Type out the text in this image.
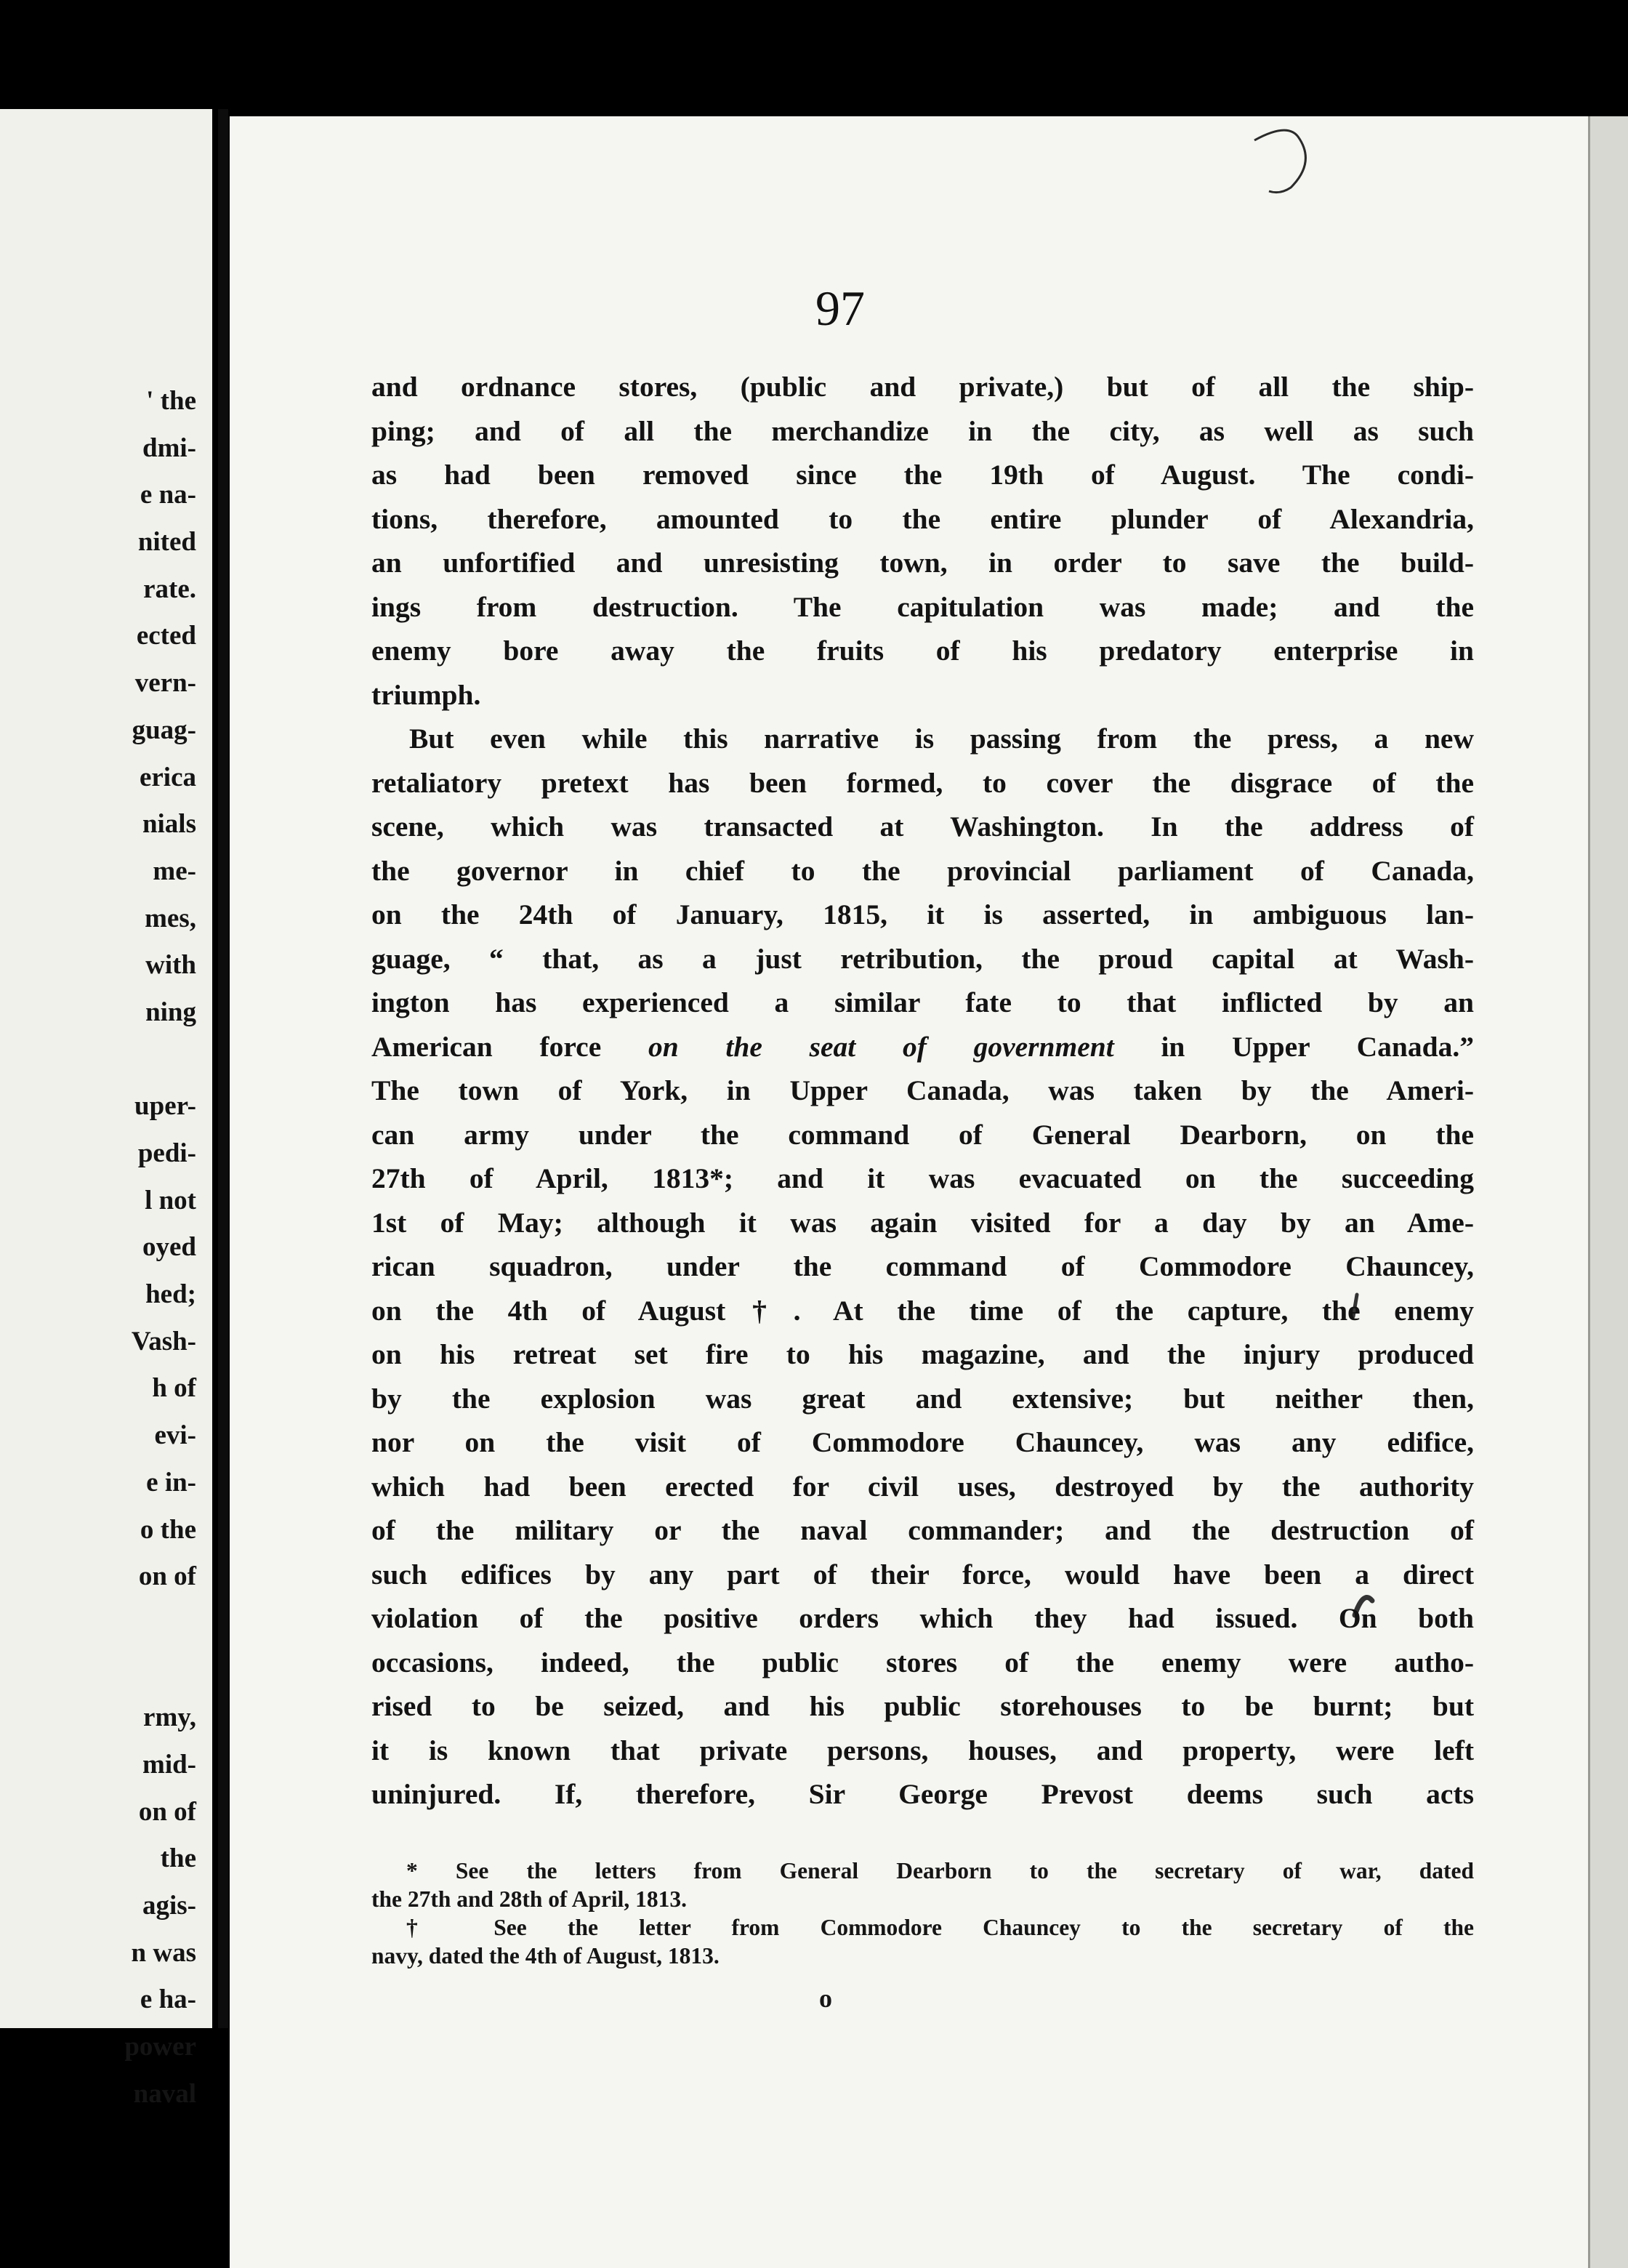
' the
dmi-
e na-
nited
rate.
ected
vern-
guag-
erica
nials
me-
mes,
with
ning
uper-
pedi-
l not
oyed
hed;
Vash-
h of
evi-
e in-
o the
on of
rmy,
mid-
on of
the
agis-
n was
e ha-
power
naval
97
and ordnance stores, (public and private,) but of all the ship-
ping; and of all the merchandize in the city, as well as such
as had been removed since the 19th of August. The condi-
tions, therefore, amounted to the entire plunder of Alexandria,
an unfortified and unresisting town, in order to save the build-
ings from destruction. The capitulation was made; and the
enemy bore away the fruits of his predatory enterprise in
triumph.
But even while this narrative is passing from the press, a new
retaliatory pretext has been formed, to cover the disgrace of the
scene, which was transacted at Washington. In the address of
the governor in chief to the provincial parliament of Canada,
on the 24th of January, 1815, it is asserted, in ambiguous lan-
guage, “ that, as a just retribution, the proud capital at Wash-
ington has experienced a similar fate to that inflicted by an
American force on the seat of government in Upper Canada.”
The town of York, in Upper Canada, was taken by the Ameri-
can army under the command of General Dearborn, on the
27th of April, 1813*; and it was evacuated on the succeeding
1st of May; although it was again visited for a day by an Ame-
rican squadron, under the command of Commodore Chauncey,
on the 4th of August†. At the time of the capture, the enemy
on his retreat set fire to his magazine, and the injury produced
by the explosion was great and extensive; but neither then,
nor on the visit of Commodore Chauncey, was any edifice,
which had been erected for civil uses, destroyed by the authority
of the military or the naval commander; and the destruction of
such edifices by any part of their force, would have been a direct
violation of the positive orders which they had issued. On both
occasions, indeed, the public stores of the enemy were autho-
rised to be seized, and his public storehouses to be burnt; but
it is known that private persons, houses, and property, were left
uninjured. If, therefore, Sir George Prevost deems such acts
* See the letters from General Dearborn to the secretary of war, dated
the 27th and 28th of April, 1813.
† See the letter from Commodore Chauncey to the secretary of the
navy, dated the 4th of August, 1813.
o
